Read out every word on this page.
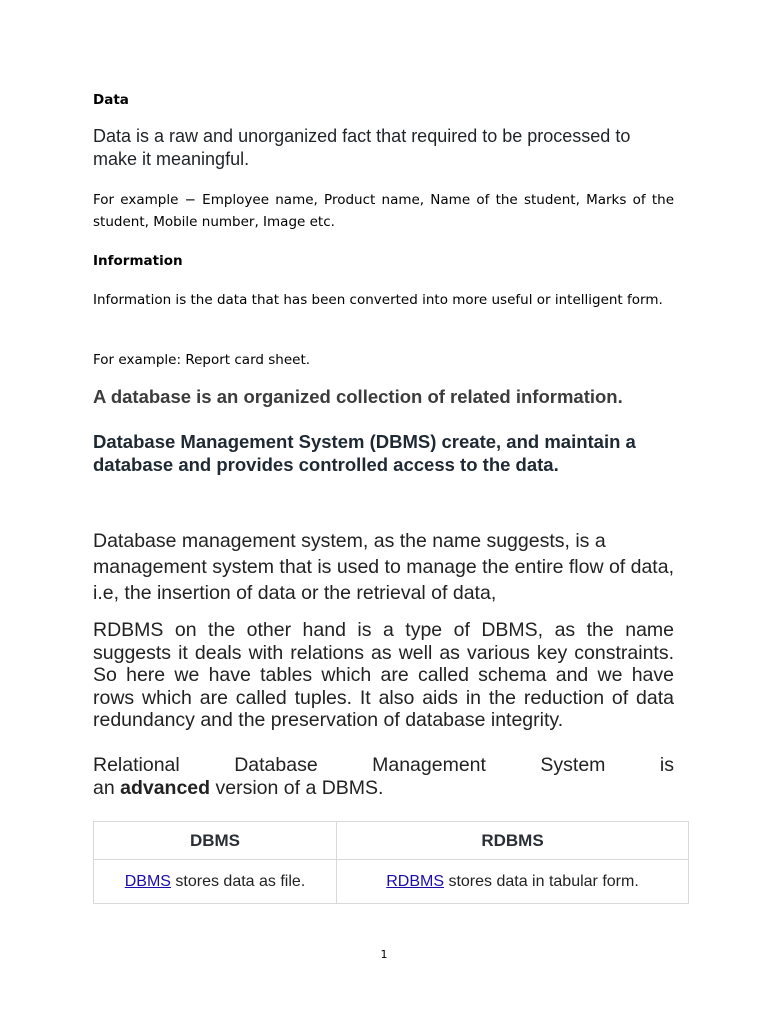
Data

Data is a raw and unorganized fact that required to be processed to make it meaningful.

For example − Employee name, Product name, Name of the student, Marks of the student, Mobile number, Image etc.

Information

Information is the data that has been converted into more useful or intelligent form.

For example: Report card sheet.

A database is an organized collection of related information.

Database Management System (DBMS) create, and maintain a database and provides controlled access to the data.

Database management system, as the name suggests, is a management system that is used to manage the entire flow of data, i.e, the insertion of data or the retrieval of data,

RDBMS on the other hand is a type of DBMS, as the name suggests it deals with relations as well as various key constraints. So here we have tables which are called schema and we have rows which are called tuples. It also aids in the reduction of data redundancy and the preservation of database integrity.

Relational	Database	Management	System	is
an advanced version of a DBMS.
DBMS	RDBMS
DBMS stores data as file.	RDBMS stores data in tabular form.
1
